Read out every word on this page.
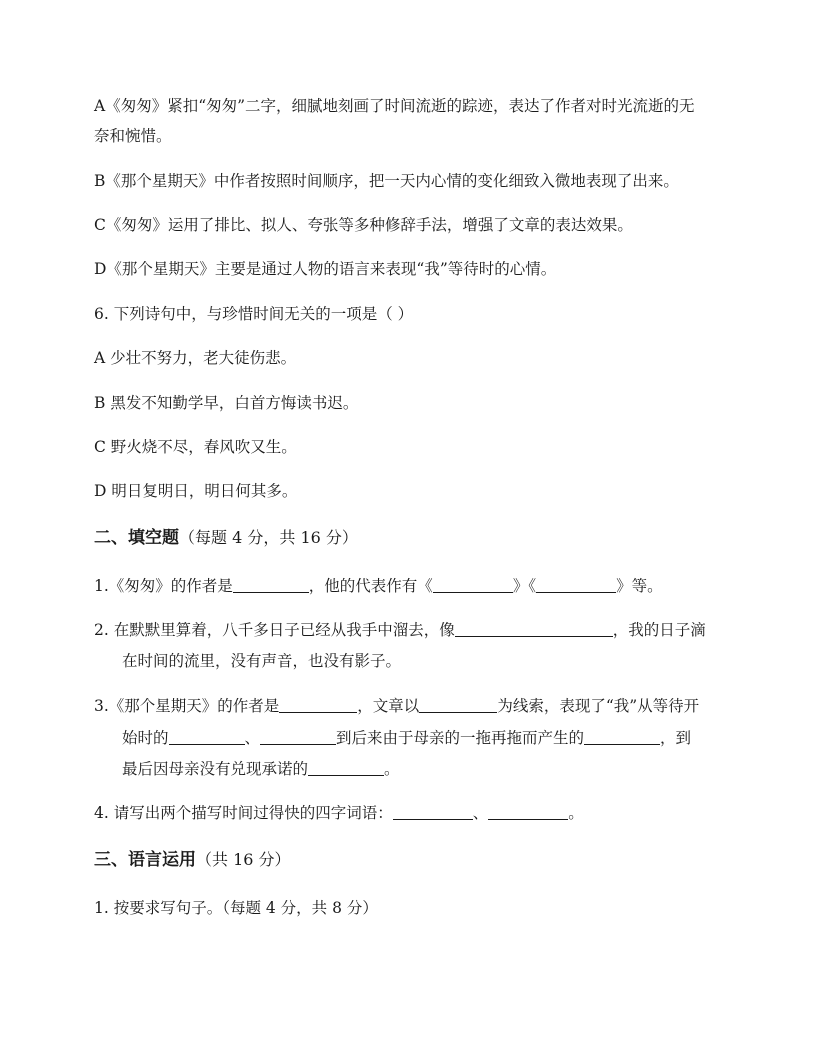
A《匆匆》紧扣“匆匆”二字，细腻地刻画了时间流逝的踪迹，表达了作者对时光流逝的无
奈和惋惜。
B《那个星期天》中作者按照时间顺序，把一天内心情的变化细致入微地表现了出来。
C《匆匆》运用了排比、拟人、夸张等多种修辞手法，增强了文章的表达效果。
D《那个星期天》主要是通过人物的语言来表现“我”等待时的心情。
6. 下列诗句中，与珍惜时间无关的一项是（ ）
A 少壮不努力，老大徒伤悲。
B 黑发不知勤学早，白首方悔读书迟。
C 野火烧不尽，春风吹又生。
D 明日复明日，明日何其多。
二、填空题（每题 4 分，共 16 分）
1.《匆匆》的作者是	，他的代表作有《	》《	》等。
2. 在默默里算着，八千多日子已经从我手中溜去，像	，我的日子滴
在时间的流里，没有声音，也没有影子。
3.《那个星期天》的作者是	，文章以	为线索，表现了“我”从等待开
始时的	、	到后来由于母亲的一拖再拖而产生的	，到
最后因母亲没有兑现承诺的	。
4. 请写出两个描写时间过得快的四字词语：	、	。
三、语言运用（共 16 分）
1. 按要求写句子。（每题 4 分，共 8 分）
